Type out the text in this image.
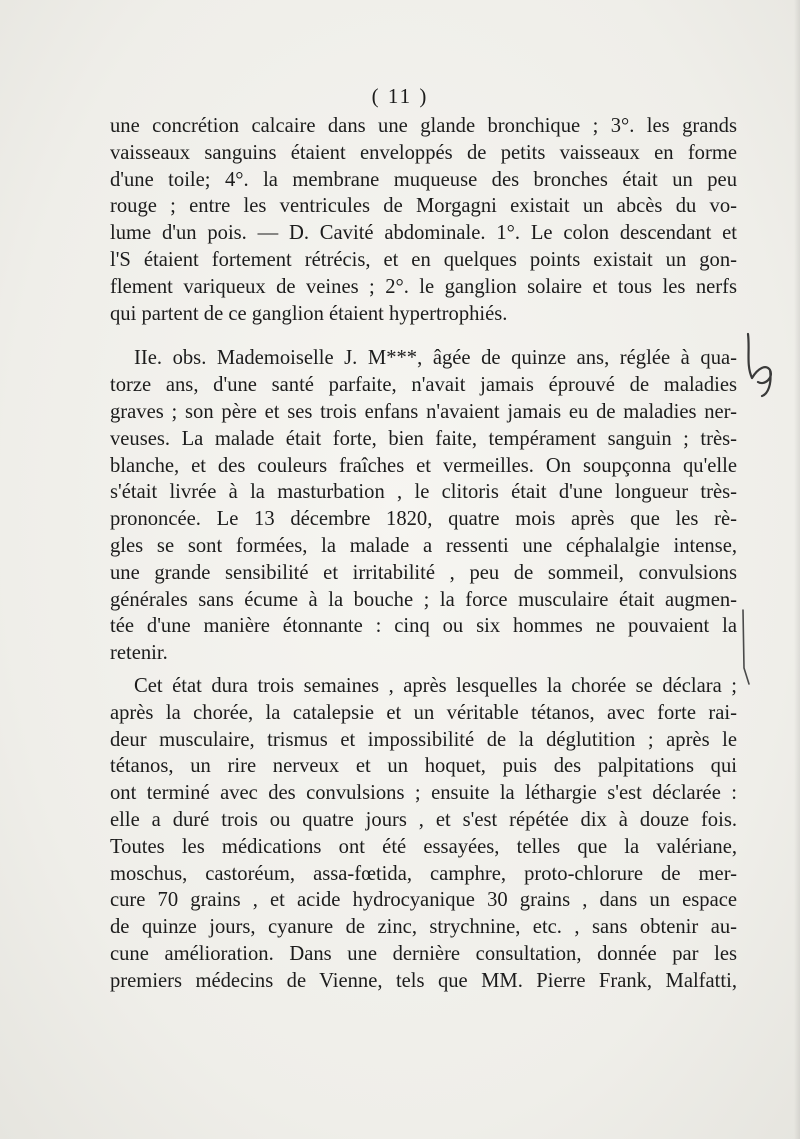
( 11 )
une concrétion calcaire dans une glande bronchique ; 3°. les grands
vaisseaux sanguins étaient enveloppés de petits vaisseaux en forme
d'une toile; 4°. la membrane muqueuse des bronches était un peu
rouge ; entre les ventricules de Morgagni existait un abcès du vo-
lume d'un pois. — D. Cavité abdominale. 1°. Le colon descendant et
l'S étaient fortement rétrécis, et en quelques points existait un gon-
flement variqueux de veines ; 2°. le ganglion solaire et tous les nerfs
qui partent de ce ganglion étaient hypertrophiés.
IIe. obs. Mademoiselle J. M***, âgée de quinze ans, réglée à qua-
torze ans, d'une santé parfaite, n'avait jamais éprouvé de maladies
graves ; son père et ses trois enfans n'avaient jamais eu de maladies ner-
veuses. La malade était forte, bien faite, tempérament sanguin ; très-
blanche, et des couleurs fraîches et vermeilles. On soupçonna qu'elle
s'était livrée à la masturbation , le clitoris était d'une longueur très-
prononcée. Le 13 décembre 1820, quatre mois après que les rè-
gles se sont formées, la malade a ressenti une céphalalgie intense,
une grande sensibilité et irritabilité , peu de sommeil, convulsions
générales sans écume à la bouche ; la force musculaire était augmen-
tée d'une manière étonnante : cinq ou six hommes ne pouvaient la
retenir.
Cet état dura trois semaines , après lesquelles la chorée se déclara ;
après la chorée, la catalepsie et un véritable tétanos, avec forte rai-
deur musculaire, trismus et impossibilité de la déglutition ; après le
tétanos, un rire nerveux et un hoquet, puis des palpitations qui
ont terminé avec des convulsions ; ensuite la léthargie s'est déclarée :
elle a duré trois ou quatre jours , et s'est répétée dix à douze fois.
Toutes les médications ont été essayées, telles que la valériane,
moschus, castoréum, assa-fœtida, camphre, proto-chlorure de mer-
cure 70 grains , et acide hydrocyanique 30 grains , dans un espace
de quinze jours, cyanure de zinc, strychnine, etc. , sans obtenir au-
cune amélioration. Dans une dernière consultation, donnée par les
premiers médecins de Vienne, tels que MM. Pierre Frank, Malfatti,
